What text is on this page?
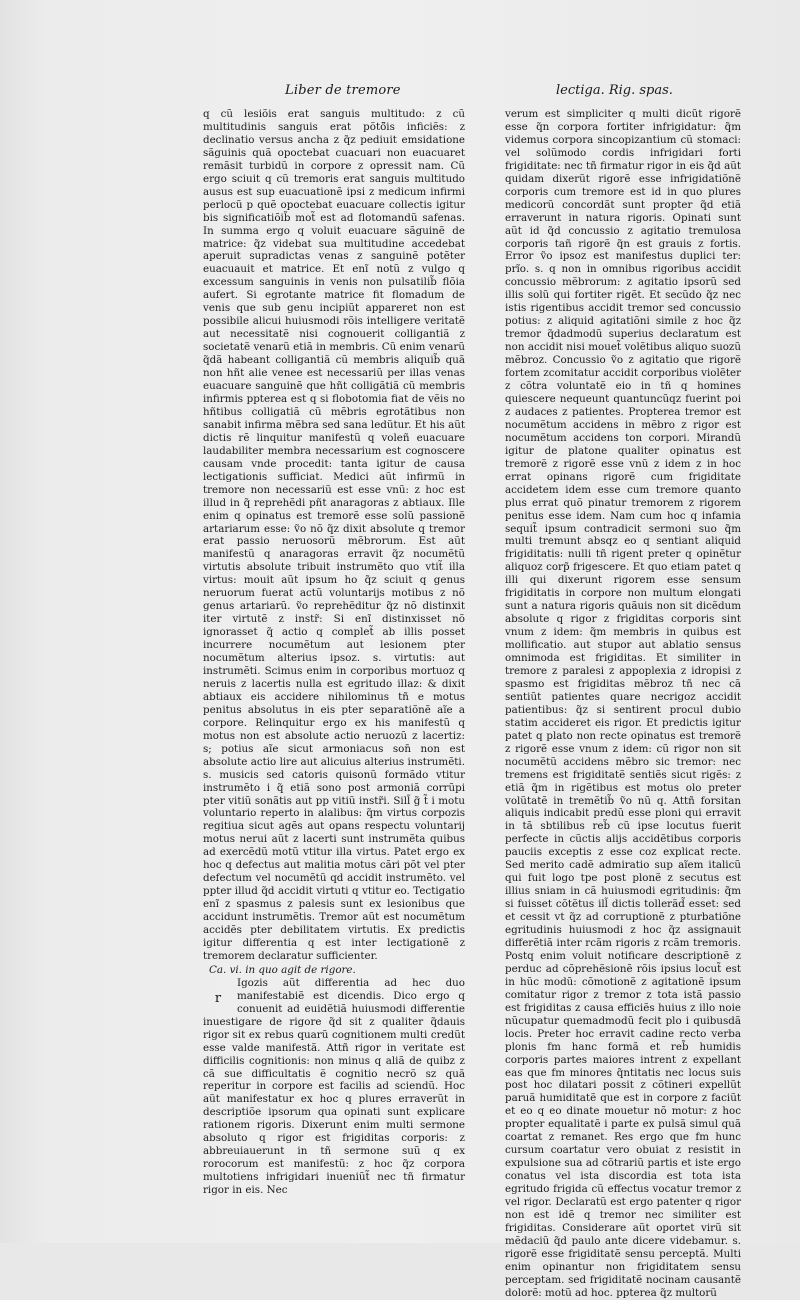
Liber de tremore	lectiga. Rig. spas.

q cũ lesiõis erat sanguis multitudo: z cũ multitudinis sanguis erat põtõ̃is inficiẽs: z declinatio versus ancha z q̃z pediuit emsidatione sãguinis quã opoctebat cuacuari non euacuaret remãsit turbidũ in corpore z opressit nam. Cũ ergo sciuit q cũ tremoris erat sanguis multitudo ausus est sup euacuationẽ ipsi̇ z medicum infirmi perlocũ p quẽ opoctebat euacuare collectis igitur bis significatiõib̃ mot̃ est ad flotomandũ safenas. In summa ergo q voluit euacuare sãguinẽ de matrice: q̃z videbat sua multitudine accedebat aperuit supradictas venas z sanguinẽ potẽter euacuauit et matrice. Et enĩ notũ z vulgo q excessum sanguinis in venis non pulsatilib̃ flõia aufert. Si egrotante matrice fit flomadum de venis que sub genu incipiũt appareret non est possibile alicui huiusmodi rõis intelligere veritatẽ aut necessitatẽ nisi cognouerit colligantiã z societatẽ venarũ etiã in membris. Cũ enim venarũ q̃dã habeant colligantiã cũ membris aliquib̃ quã non hñt alie venee est necessariũ per illas venas euacuare sanguinẽ que hñt colligãtiã cũ membris infirmis ppterea est q si flobotomia fiat de vẽis no hñtibus colligatiã cũ mẽbris egrotãtibus non sanabit infirma mẽbra sed sana ledũtur. Et his aũt dictis rẽ linquitur manifestũ q voleñ euacuare laudabiliter membra necessarium est cognoscere causam vnde procedit: tanta igitur de causa lectigationis sufficiat. Medici aũt infirmũ in tremore non necessariũ est esse vnũ: z hoc est illud in q̃ reprehẽdi pñt anaragoras z abtiaux. Ille enim q opinatus est tremorẽ esse solũ passionẽ artariarum esse: ṽo nõ q̃z dixit absolute q tremor erat passio neruosorũ mẽbrorum. Est aũt manifestũ q anaragoras erravit q̃z nocumẽtũ virtutis absolute tribuit instrumẽto quo vtit̃ illa virtus: mouit aũt ipsum ho q̃z sciuit q genus neruorum fuerat actũ voluntarijs motibus z nõ genus artariarũ. ṽo reprehẽditur q̃z nõ distinxit iter virtutẽ z instr̃: Si enĩ distinxisset nõ ignorasset q̃ actio q complet̃ ab illis posset incurrere nocumẽtum aut lesionem pter nocumẽtum alterius ipsoz. s. virtutis: aut instrumẽti. Scimus enim in corporibus mortuoz q neruis z lacertis nulla est egritudo illaz: & dixit abtiaux eis accidere nihilominus tñ e motus penitus absolutus in eis pter separatiõnẽ aĩe a corpore. Relinquitur ergo ex his manifestũ q motus non est absolute actio neruozũ z lacertiz: s; potius aĩe sicut armoniacus son̄ non est absolute actio lire aut alicuius alterius instrumẽti. s. musicis sed catoris quisonũ formãdo vtitur instrumẽto i q̃ etiã sono post armoniã corrũpi pter vitiũ sonãtis aut pp vitiũ instr̃i. Sill̃ g̃ t̃ i motu voluntario reperto in alalibus: q̃m virtus corpozis regitiua sicut agẽs aut opans respectu voluntarij motus nerui aũt z lacerti sunt instrumẽta quibus ad exercẽdũ motũ vtitur illa virtus. Patet ergo ex hoc q defectus aut malitia motus cãri põt vel pter defectum vel nocumẽtũ qd accidit instrumẽto. vel ppter illud q̃d accidit virtuti q vtitur eo. Tectigatio enĩ z spasmus z palesis sunt ex lesionibus que accidunt instrumẽtis. Tremor aũt est nocumẽtum accidẽs pter debilitatem virtutis. Ex predictis igitur differentia q est inter lectigationẽ z tremorem declaratur sufficienter.

Ca. vi. in quo agit de rigore.

r

Igozis aũt differentia ad hec duo manifestabiẽ est dicendis. Dico ergo q conuenit ad euidẽtiã huiusmodi differentie inuestigare de rigore q̃d sit z qualiter q̃dauis rigor sit ex rebus quarũ cognitionem multi credũt esse valde manifestã. Attñ rigor in veritate est difficilis cognitionis: non minus q aliã de quibz z cã sue difficultatis ẽ cognitio necrõ sz quã reperitur in corpore est facilis ad sciendũ. Hoc aũt manifestatur ex hoc q plures erraverũt in descriptiõe ipsorum qua opinati sunt explicare rationem rigoris. Dixerunt enim multi sermone absoluto q rigor est frigiditas corporis: z abbreuiauerunt in tñ sermone suũ q ex rorocorum est manifestũ: z hoc q̃z corpora multotiens infrigidari inueniũt̃ nec tñ firmatur rigor in eis. Nec

verum est simpliciter q multi dicũt rigorẽ esse q̃n corpora fortiter infrigidatur: q̃m videmus corpora sincopizantium cũ stomaci: vel solũmodo cordis infrigidari forti frigiditate: nec tñ firmatur rigor in eis q̃d aũt quidam dixerũt rigorẽ esse infrigidatiõnẽ corporis cum tremore est id in quo plures medicorũ concordãt sunt propter q̃d etiã erraverunt in natura rigoris. Opinati sunt aũt id q̃d concussio z agitatio tremulosa corporis tañ rigorẽ q̃n est grauis z fortis. Error ṽo ipsoz est manifestus duplici ter: prĩo. s. q non in omnibus rigoribus accidit concussio mẽbrorum: z agitatio ipsorũ sed illis solũ qui fortiter rigẽt. Et secũdo q̃z nec istis rigentibus accidit tremor sed concussio potius: z aliquid agitatiõni simile z hoc q̃z tremor q̃dadmodũ superius declaratum est non accidit nisi mouet̃ volẽtibus aliquo suozũ mẽbroz. Concussio ṽo z agitatio que rigorẽ fortem zcomitatur accidit corporibus violẽter z cõtra voluntatẽ eio in tñ q homines quiescere nequeunt quantuncũqz fuerint poi z audaces z patientes. Propterea tremor est nocumẽtum accidens in mẽbro z rigor est nocumẽtum accidens ton corpori. Mirandũ igitur de platone qualiter opinatus est tremorẽ z rigorẽ esse vnũ z idem z in hoc errat opinans rigorẽ cum frigiditate accidetem idem esse cum tremore quanto plus errat quõ pinatur tremorem z rigorem penitus esse idem. Nam cum hoc q infamia sequit̃ ipsum contradicit sermoni suo q̃m multi tremunt absqz eo q sentiant aliquid frigiditatis: nulli tñ rigent preter q opinẽtur aliquoz corp̃ frigescere. Et quo etiam patet q illi qui dixerunt rigorem esse sensum frigiditatis in corpore non multum elongati sunt a natura rigoris quãuis non sit dicẽdum absolute q rigor z frigiditas corporis sint vnum z idem: q̃m membris in quibus est mollificatio. aut stupor aut ablatio sensus omnimoda est frigiditas. Et similiter in tremore z paralesi z appoplexia z idropisi z spasmo est frigiditas mẽbroz tñ nec cã sentiũt patientes quare necrigoz accidit patientibus: q̃z si sentirent procul dubio statim accideret eis rigor. Et predictis igitur patet q plato non recte opinatus est tremorẽ z rigorẽ esse vnum z idem: cũ rigor non sit nocumẽtũ accidens mẽbro sic tremor: nec tremens est frigiditatẽ sentiẽs sicut rigẽs: z etiã q̃m in rigẽtibus est motus olo preter volũtatẽ in tremẽtib̃ ṽo nũ q. Attñ forsitan aliquis indicabit predũ esse ploni qui erravit in tã sbtilibus reb̃ cũ ipse locutus fuerit perfecte in cũctis alijs accidẽtibus corporis pauciis exceptis z esse coz explicat recte. Sed merito cadẽ admiratio sup aĩem italicũ qui fuit logo tpe post plonẽ z secutus est illius sniam in cã huiusmodi egritudinis: q̃m si fuisset cõtẽtus ill̃ dictis tollerãd̃ esset: sed et cessit vt q̃z ad corruptionẽ z pturbatiõne egritudinis huiusmodi z hoc q̃z assignauit differẽtiã inter rcãm rigoris z rcãm tremoris. Postq enim voluit notificare descriptionẽ z perduc ad cõprehẽsionẽ rõis ipsius locut̃ est in hũc modũ: cõmotionẽ z agitationẽ ipsum comitatur rigor z tremor z tota istã passio est frigiditas z causa efficiẽs huius z illo noie nũcupatur quemadmodũ fecit plo i quibusdã locis. Preter hoc erravit cadine recto verba plonis fm hanc formã et reb̃ humidis corporis partes maiores intrent z expellant eas que fm minores q̃ntitatis nec locus suis post hoc dilatari possit z cõtineri expellũt paruã humiditatẽ que est in corpore z faciũt et eo q eo dinate mouetur nõ motur: z hoc propter equalitatẽ i parte ex pulsã simul quã coartat z remanet. Res ergo que fm hunc cursum coartatur vero obuiat z resistit in expulsione sua ad cõtrariũ partis et iste ergo conatus vel ista discordia est tota ista egritudo frigida cũ effectus vocatur tremor z vel rigor. Declaratũ est ergo patenter q rigor non est idẽ q tremor nec similiter est frigiditas. Considerare aũt oportet virũ sit mẽdaciũ q̃d paulo ante dicere videbamur. s. rigorẽ esse frigiditatẽ sensu perceptã. Multi enim opinantur non frigiditatem sensu perceptam. sed frigiditatẽ nocinam causantẽ dolorẽ: motũ ad hoc. ppterea q̃z multorũ
